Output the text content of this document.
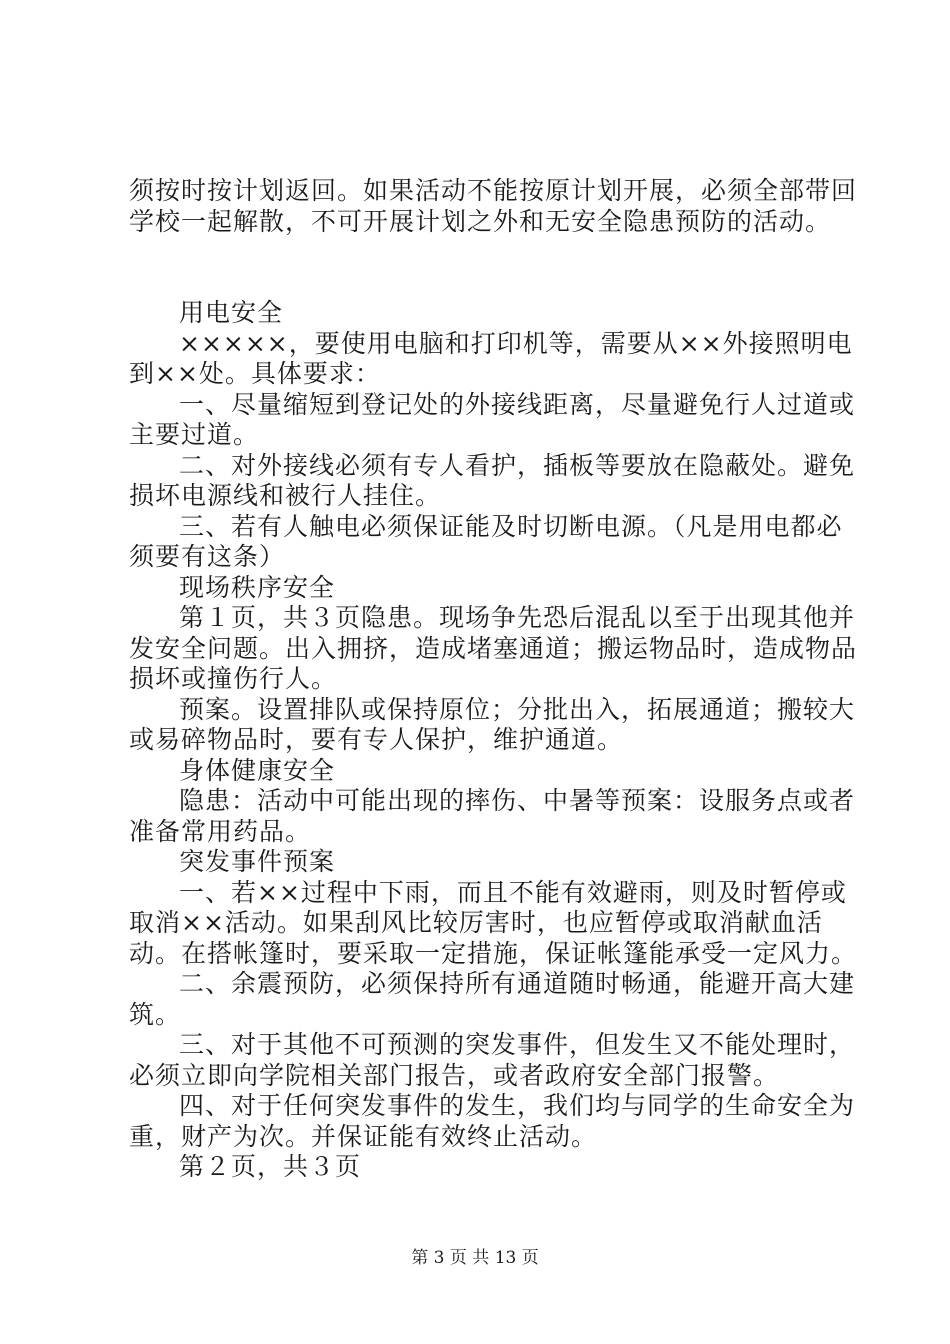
须按时按计划返回。如果活动不能按原计划开展，必须全部带回学校一起解散，不可开展计划之外和无安全隐患预防的活动。

用电安全

×××××，要使用电脑和打印机等，需要从××外接照明电到××处。具体要求：

一、尽量缩短到登记处的外接线距离，尽量避免行人过道或主要过道。

二、对外接线必须有专人看护，插板等要放在隐蔽处。避免损坏电源线和被行人挂住。

三、若有人触电必须保证能及时切断电源。（凡是用电都必须要有这条）

现场秩序安全

第１页，共３页隐患。现场争先恐后混乱以至于出现其他并发安全问题。出入拥挤，造成堵塞通道；搬运物品时，造成物品损坏或撞伤行人。

预案。设置排队或保持原位；分批出入，拓展通道；搬较大或易碎物品时，要有专人保护，维护通道。

身体健康安全

隐患：活动中可能出现的摔伤、中暑等预案：设服务点或者准备常用药品。

突发事件预案

一、若××过程中下雨，而且不能有效避雨，则及时暂停或取消××活动。如果刮风比较厉害时，也应暂停或取消献血活动。在搭帐篷时，要采取一定措施，保证帐篷能承受一定风力。

二、余震预防，必须保持所有通道随时畅通，能避开高大建筑。

三、对于其他不可预测的突发事件，但发生又不能处理时，必须立即向学院相关部门报告，或者政府安全部门报警。

四、对于任何突发事件的发生，我们均与同学的生命安全为重，财产为次。并保证能有效终止活动。

第２页，共３页

第 3 页 共 13 页
